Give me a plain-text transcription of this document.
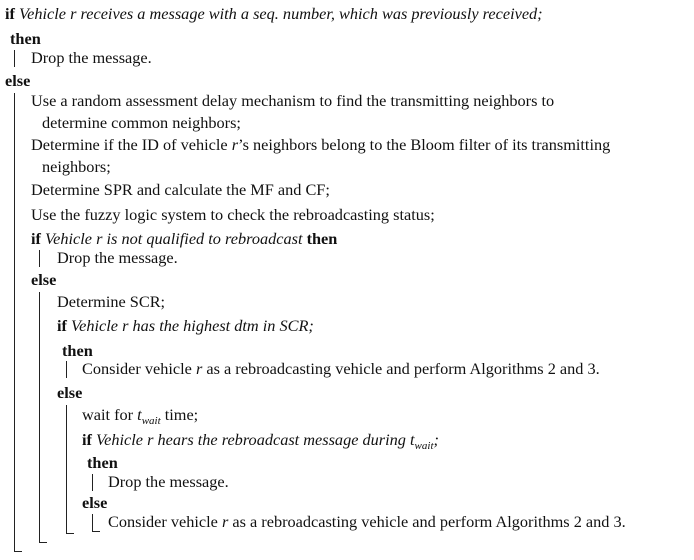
if Vehicle r receives a message with a seq. number, which was previously received;
then
Drop the message.
else
Use a random assessment delay mechanism to find the transmitting neighbors to
determine common neighbors;
Determine if the ID of vehicle r’s neighbors belong to the Bloom filter of its transmitting
neighbors;
Determine SPR and calculate the MF and CF;
Use the fuzzy logic system to check the rebroadcasting status;
if Vehicle r is not qualified to rebroadcast then
Drop the message.
else
Determine SCR;
if Vehicle r has the highest dtm in SCR;
then
Consider vehicle r as a rebroadcasting vehicle and perform Algorithms 2 and 3.
else
wait for $t_{wait}$ time;
if Vehicle r hears the rebroadcast message during $t_{wait}$;
then
Drop the message.
else
Consider vehicle r as a rebroadcasting vehicle and perform Algorithms 2 and 3.
